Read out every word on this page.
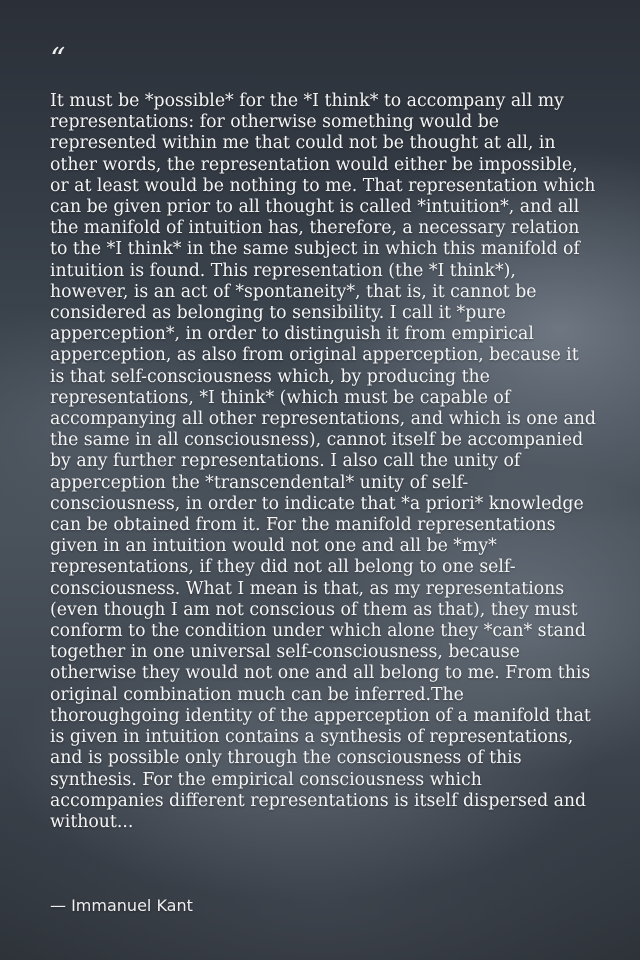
“

It must be *possible* for the *I think* to accompany all my representations: for otherwise something would be represented within me that could not be thought at all, in other words, the representation would either be impossible, or at least would be nothing to me. That representation which can be given prior to all thought is called *intuition*, and all the manifold of intuition has, therefore, a necessary relation to the *I think* in the same subject in which this manifold of intuition is found. This representation (the *I think*), however, is an act of *spontaneity*, that is, it cannot be considered as belonging to sensibility. I call it *pure apperception*, in order to distinguish it from empirical apperception, as also from original apperception, because it is that self-consciousness which, by producing the representations, *I think* (which must be capable of accompanying all other representations, and which is one and the same in all consciousness), cannot itself be accompanied by any further representations. I also call the unity of apperception the *transcendental* unity of self-consciousness, in order to indicate that *a priori* knowledge can be obtained from it. For the manifold representations given in an intuition would not one and all be *my* representations, if they did not all belong to one self-consciousness. What I mean is that, as my representations (even though I am not conscious of them as that), they must conform to the condition under which alone they *can* stand together in one universal self-consciousness, because otherwise they would not one and all belong to me. From this original combination much can be inferred.The thoroughgoing identity of the apperception of a manifold that is given in intuition contains a synthesis of representations, and is possible only through the consciousness of this synthesis. For the empirical consciousness which accompanies different representations is itself dispersed and without...

— Immanuel Kant
